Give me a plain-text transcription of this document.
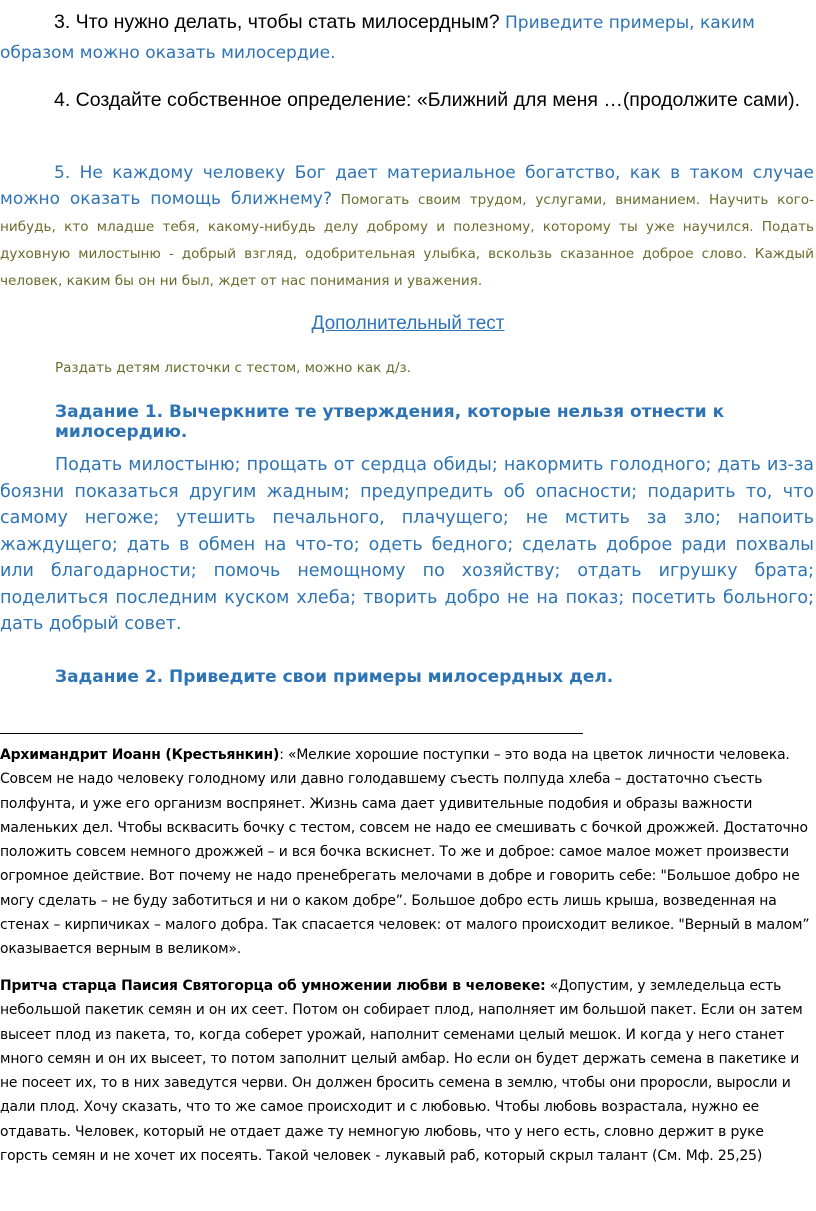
3. Что нужно делать, чтобы стать милосердным? Приведите примеры, каким образом можно оказать милосердие.

4. Создайте собственное определение: «Ближний для меня …(продолжите сами).

5. Не каждому человеку Бог дает материальное богатство, как в таком случае можно оказать помощь ближнему? Помогать своим трудом, услугами, вниманием. Научить кого-нибудь, кто младше тебя, какому-нибудь делу доброму и полезному, которому ты уже научился. Подать духовную милостыню - добрый взгляд, одобрительная улыбка, вскользь сказанное доброе слово. Каждый человек, каким бы он ни был, ждет от нас понимания и уважения.

Дополнительный тест
Раздать детям листочки с тестом, можно как д/з.
Задание 1. Вычеркните те утверждения, которые нельзя отнести к милосердию.

Подать милостыню; прощать от сердца обиды; накормить голодного; дать из-за боязни показаться другим жадным; предупредить об опасности; подарить то, что самому негоже; утешить печального, плачущего; не мстить за зло; напоить жаждущего; дать в обмен на что-то; одеть бедного; сделать доброе ради похвалы или благодарности; помочь немощному по хозяйству; отдать игрушку брата; поделиться последним куском хлеба; творить добро не на показ; посетить больного; дать добрый совет.

Задание 2. Приведите свои примеры милосердных дел.

Архимандрит Иоанн (Крестьянкин): «Мелкие хорошие поступки – это вода на цветок личности человека. Совсем не надо человеку голодному или давно голодавшему съесть полпуда хлеба – достаточно съесть полфунта, и уже его организм воспрянет. Жизнь сама дает удивительные подобия и образы важности маленьких дел. Чтобы всквасить бочку с тестом, совсем не надо ее смешивать с бочкой дрожжей. Достаточно положить совсем немного дрожжей – и вся бочка вскиснет. То же и доброе: самое малое может произвести огромное действие. Вот почему не надо пренебрегать мелочами в добре и говорить себе: "Большое добро не могу сделать – не буду заботиться и ни о каком добре”. Большое добро есть лишь крыша, возведенная на стенах – кирпичиках – малого добра. Так спасается человек: от малого происходит великое. "Верный в малом” оказывается верным в великом».

Притча старца Паисия Святогорца об умножении любви в человеке: «Допустим, у земледельца есть небольшой пакетик семян и он их сеет. Потом он собирает плод, наполняет им большой пакет. Если он затем высеет плод из пакета, то, когда соберет урожай, наполнит семенами целый мешок. И когда у него станет много семян и он их высеет, то потом заполнит целый амбар. Но если он будет держать семена в пакетике и не посеет их, то в них заведутся черви. Он должен бросить семена в землю, чтобы они проросли, выросли и дали плод. Хочу сказать, что то же самое происходит и с любовью. Чтобы любовь возрастала, нужно ее отдавать. Человек, который не отдает даже ту немногую любовь, что у него есть, словно держит в руке горсть семян и не хочет их посеять. Такой человек - лукавый раб, который скрыл талант (См. Мф. 25,25)
